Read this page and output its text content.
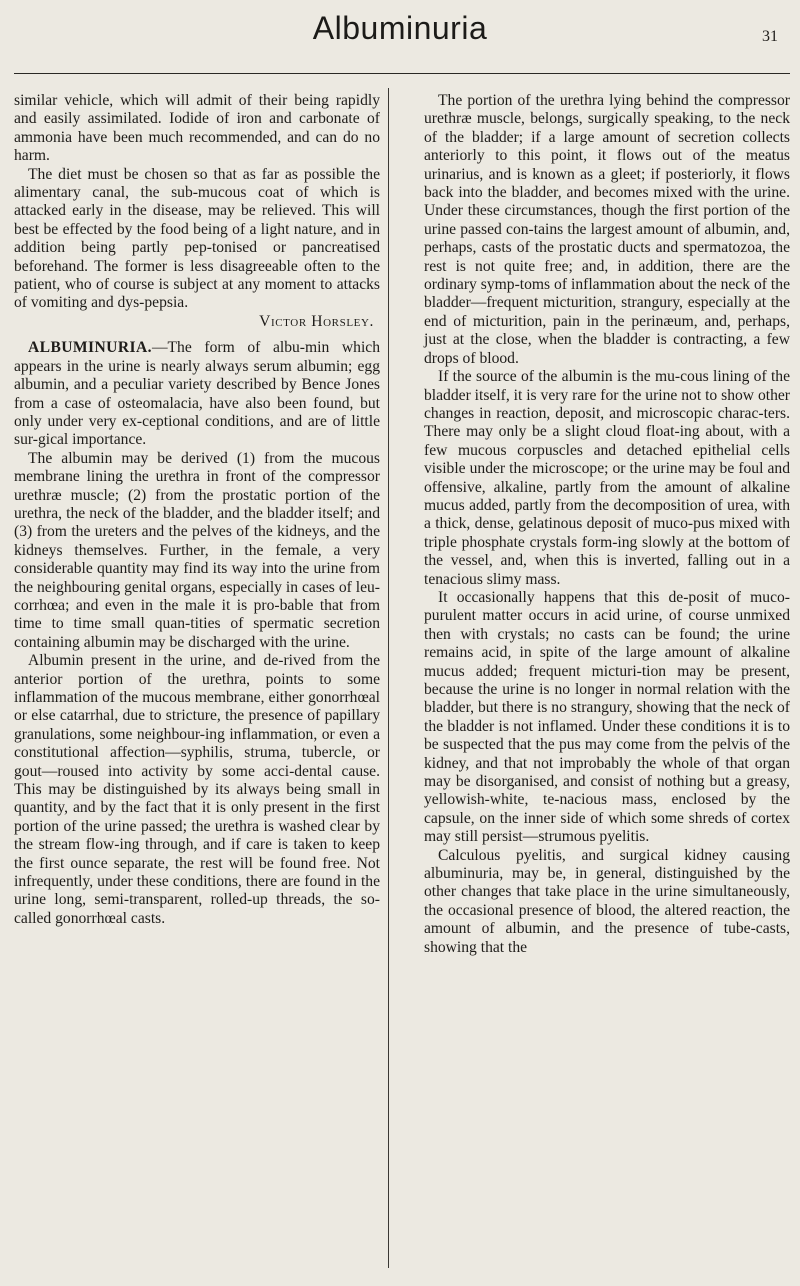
Albuminuria	31

similar vehicle, which will admit of their being rapidly and easily assimilated. Iodide of iron and carbonate of ammonia have been much recommended, and can do no harm.

The diet must be chosen so that as far as possible the alimentary canal, the sub-mucous coat of which is attacked early in the disease, may be relieved. This will best be effected by the food being of a light nature, and in addition being partly pep-tonised or pancreatised beforehand. The former is less disagreeable often to the patient, who of course is subject at any moment to attacks of vomiting and dys-pepsia.

Victor Horsley.

ALBUMINURIA.—The form of albu-min which appears in the urine is nearly always serum albumin; egg albumin, and a peculiar variety described by Bence Jones from a case of osteomalacia, have also been found, but only under very ex-ceptional conditions, and are of little sur-gical importance.

The albumin may be derived (1) from the mucous membrane lining the urethra in front of the compressor urethræ muscle; (2) from the prostatic portion of the urethra, the neck of the bladder, and the bladder itself; and (3) from the ureters and the pelves of the kidneys, and the kidneys themselves. Further, in the female, a very considerable quantity may find its way into the urine from the neighbouring genital organs, especially in cases of leu-corrhœa; and even in the male it is pro-bable that from time to time small quan-tities of spermatic secretion containing albumin may be discharged with the urine.

Albumin present in the urine, and de-rived from the anterior portion of the urethra, points to some inflammation of the mucous membrane, either gonorrhœal or else catarrhal, due to stricture, the presence of papillary granulations, some neighbour-ing inflammation, or even a constitutional affection—syphilis, struma, tubercle, or gout—roused into activity by some acci-dental cause. This may be distinguished by its always being small in quantity, and by the fact that it is only present in the first portion of the urine passed; the urethra is washed clear by the stream flow-ing through, and if care is taken to keep the first ounce separate, the rest will be found free. Not infrequently, under these conditions, there are found in the urine long, semi-transparent, rolled-up threads, the so-called gonorrhœal casts.

The portion of the urethra lying behind the compressor urethræ muscle, belongs, surgically speaking, to the neck of the bladder; if a large amount of secretion collects anteriorly to this point, it flows out of the meatus urinarius, and is known as a gleet; if posteriorly, it flows back into the bladder, and becomes mixed with the urine. Under these circumstances, though the first portion of the urine passed con-tains the largest amount of albumin, and, perhaps, casts of the prostatic ducts and spermatozoa, the rest is not quite free; and, in addition, there are the ordinary symp-toms of inflammation about the neck of the bladder—frequent micturition, strangury, especially at the end of micturition, pain in the perinæum, and, perhaps, just at the close, when the bladder is contracting, a few drops of blood.

If the source of the albumin is the mu-cous lining of the bladder itself, it is very rare for the urine not to show other changes in reaction, deposit, and microscopic charac-ters. There may only be a slight cloud float-ing about, with a few mucous corpuscles and detached epithelial cells visible under the microscope; or the urine may be foul and offensive, alkaline, partly from the amount of alkaline mucus added, partly from the decomposition of urea, with a thick, dense, gelatinous deposit of muco-pus mixed with triple phosphate crystals form-ing slowly at the bottom of the vessel, and, when this is inverted, falling out in a tenacious slimy mass.

It occasionally happens that this de-posit of muco-purulent matter occurs in acid urine, of course unmixed then with crystals; no casts can be found; the urine remains acid, in spite of the large amount of alkaline mucus added; frequent micturi-tion may be present, because the urine is no longer in normal relation with the bladder, but there is no strangury, showing that the neck of the bladder is not inflamed. Under these conditions it is to be suspected that the pus may come from the pelvis of the kidney, and that not improbably the whole of that organ may be disorganised, and consist of nothing but a greasy, yellowish-white, te-nacious mass, enclosed by the capsule, on the inner side of which some shreds of cortex may still persist—strumous pyelitis.

Calculous pyelitis, and surgical kidney causing albuminuria, may be, in general, distinguished by the other changes that take place in the urine simultaneously, the occasional presence of blood, the altered reaction, the amount of albumin, and the presence of tube-casts, showing that the
